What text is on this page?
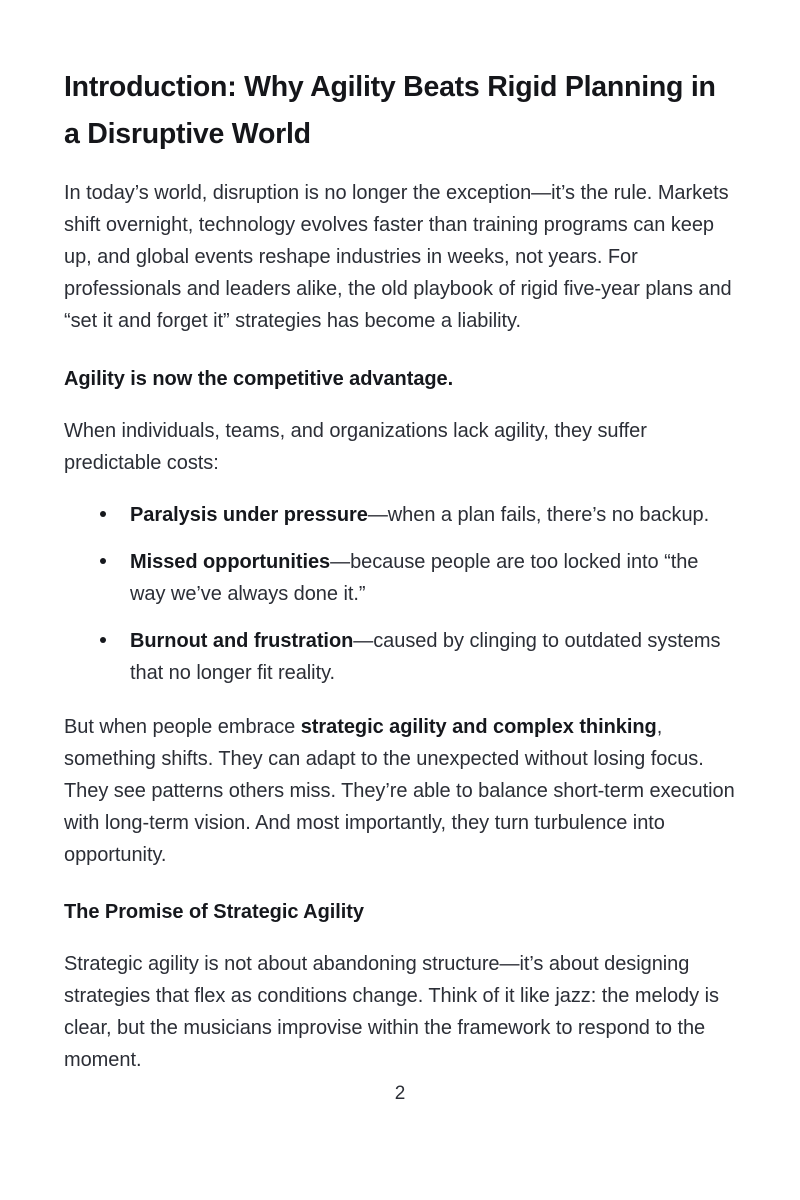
Introduction: Why Agility Beats Rigid Planning in a Disruptive World

In today’s world, disruption is no longer the exception—it’s the rule. Markets shift overnight, technology evolves faster than training programs can keep up, and global events reshape industries in weeks, not years. For professionals and leaders alike, the old playbook of rigid five-year plans and “set it and forget it” strategies has become a liability.

Agility is now the competitive advantage.

When individuals, teams, and organizations lack agility, they suffer predictable costs:

Paralysis under pressure—when a plan fails, there’s no backup.
Missed opportunities—because people are too locked into “the way we’ve always done it.”
Burnout and frustration—caused by clinging to outdated systems that no longer fit reality.

But when people embrace strategic agility and complex thinking, something shifts. They can adapt to the unexpected without losing focus. They see patterns others miss. They’re able to balance short-term execution with long-term vision. And most importantly, they turn turbulence into opportunity.

The Promise of Strategic Agility

Strategic agility is not about abandoning structure—it’s about designing strategies that flex as conditions change. Think of it like jazz: the melody is clear, but the musicians improvise within the framework to respond to the moment.

2
